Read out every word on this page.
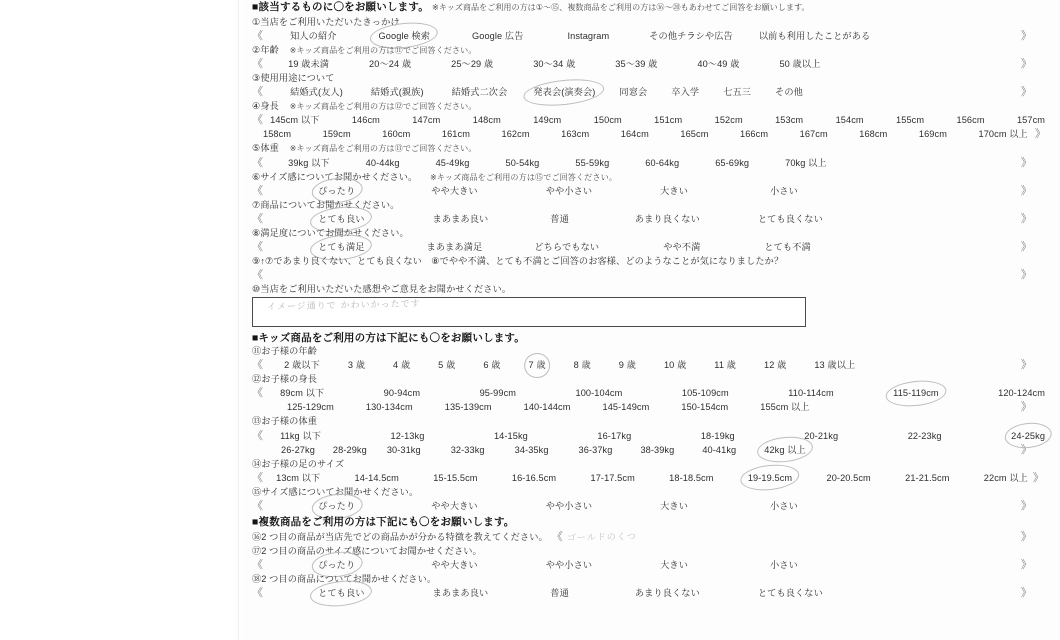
■該当するものに〇をお願いします。 ※キッズ商品をご利用の方は①～⑮、複数商品をご利用の方は⑯～⑳もあわせてご回答をお願いします。
①当店をご利用いただいたきっかけ
《	知人の紹介	Google 検索	Google 広告	Instagram	その他チラシや広告	以前も利用したことがある	》
②年齢 ※キッズ商品をご利用の方は⑪でご回答ください。
《	19 歳未満	20～24 歳	25～29 歳	30～34 歳	35～39 歳	40～49 歳	50 歳以上	》
③使用用途について
《	結婚式(友人)	結婚式(親族)	結婚式二次会	発表会(演奏会)	同窓会	卒入学	七五三	その他	》
④身長 ※キッズ商品をご利用の方は⑫でご回答ください。
《 145cm 以下	146cm	147cm	148cm	149cm	150cm	151cm	152cm	153cm	154cm	155cm	156cm	157cm
158cm	159cm	160cm	161cm	162cm	163cm	164cm	165cm	166cm	167cm	168cm	169cm	170cm 以上 》
⑤体重 ※キッズ商品をご利用の方は⑬でご回答ください。
《	39kg 以下	40-44kg	45-49kg	50-54kg	55-59kg	60-64kg	65-69kg	70kg 以上	》
⑥サイズ感についてお聞かせください。 ※キッズ商品をご利用の方は⑮でご回答ください。
《	ぴったり	やや大きい	やや小さい	大きい	小さい	》
⑦商品についてお聞かせください。
《	とても良い	まあまあ良い	普通	あまり良くない	とても良くない	》
⑧満足度についてお聞かせください。
《	とても満足	まあまあ満足	どちらでもない	やや不満	とても不満	》
⑨↑⑦であまり良くない、とても良くない　⑧でやや不満、とても不満とご回答のお客様、どのようなことが気になりましたか？
《	》
⑩当店をご利用いただいた感想やご意見をお聞かせください。
イメージ通りで かわいかったです
■キッズ商品をご利用の方は下記にも〇をお願いします。
⑪お子様の年齢
《 2 歳以下	3 歳	4 歳	5 歳	6 歳	7 歳	8 歳	9 歳	10 歳	11 歳	12 歳	13 歳以上	》
⑫お子様の身長
《 89cm 以下	90-94cm	95-99cm	100-104cm	105-109cm	110-114cm	115-119cm	120-124cm
125-129cm	130-134cm	135-139cm	140-144cm	145-149cm	150-154cm	155cm 以上	》
⑬お子様の体重
《 11kg 以下	12-13kg	14-15kg	16-17kg	18-19kg	20-21kg	22-23kg	24-25kg
26-27kg 28-29kg 30-31kg	32-33kg	34-35kg	36-37kg	38-39kg	40-41kg	42kg 以上	》
⑭お子様の足のサイズ
《 13cm 以下	14-14.5cm	15-15.5cm	16-16.5cm	17-17.5cm	18-18.5cm	19-19.5cm	20-20.5cm	21-21.5cm	22cm 以上 》
⑮サイズ感についてお聞かせください。
《	ぴったり	やや大きい	やや小さい	大きい	小さい	》
■複数商品をご利用の方は下記にも〇をお願いします。
⑯2 つ目の商品が当店先でどの商品かが分かる特徴を教えてください。 《 ゴールドのくつ	》
⑰2 つ目の商品のサイズ感についてお聞かせください。
《	ぴったり	やや大きい	やや小さい	大きい	小さい	》
⑱2 つ目の商品についてお聞かせください。
《	とても良い	まあまあ良い	普通	あまり良くない	とても良くない	》
